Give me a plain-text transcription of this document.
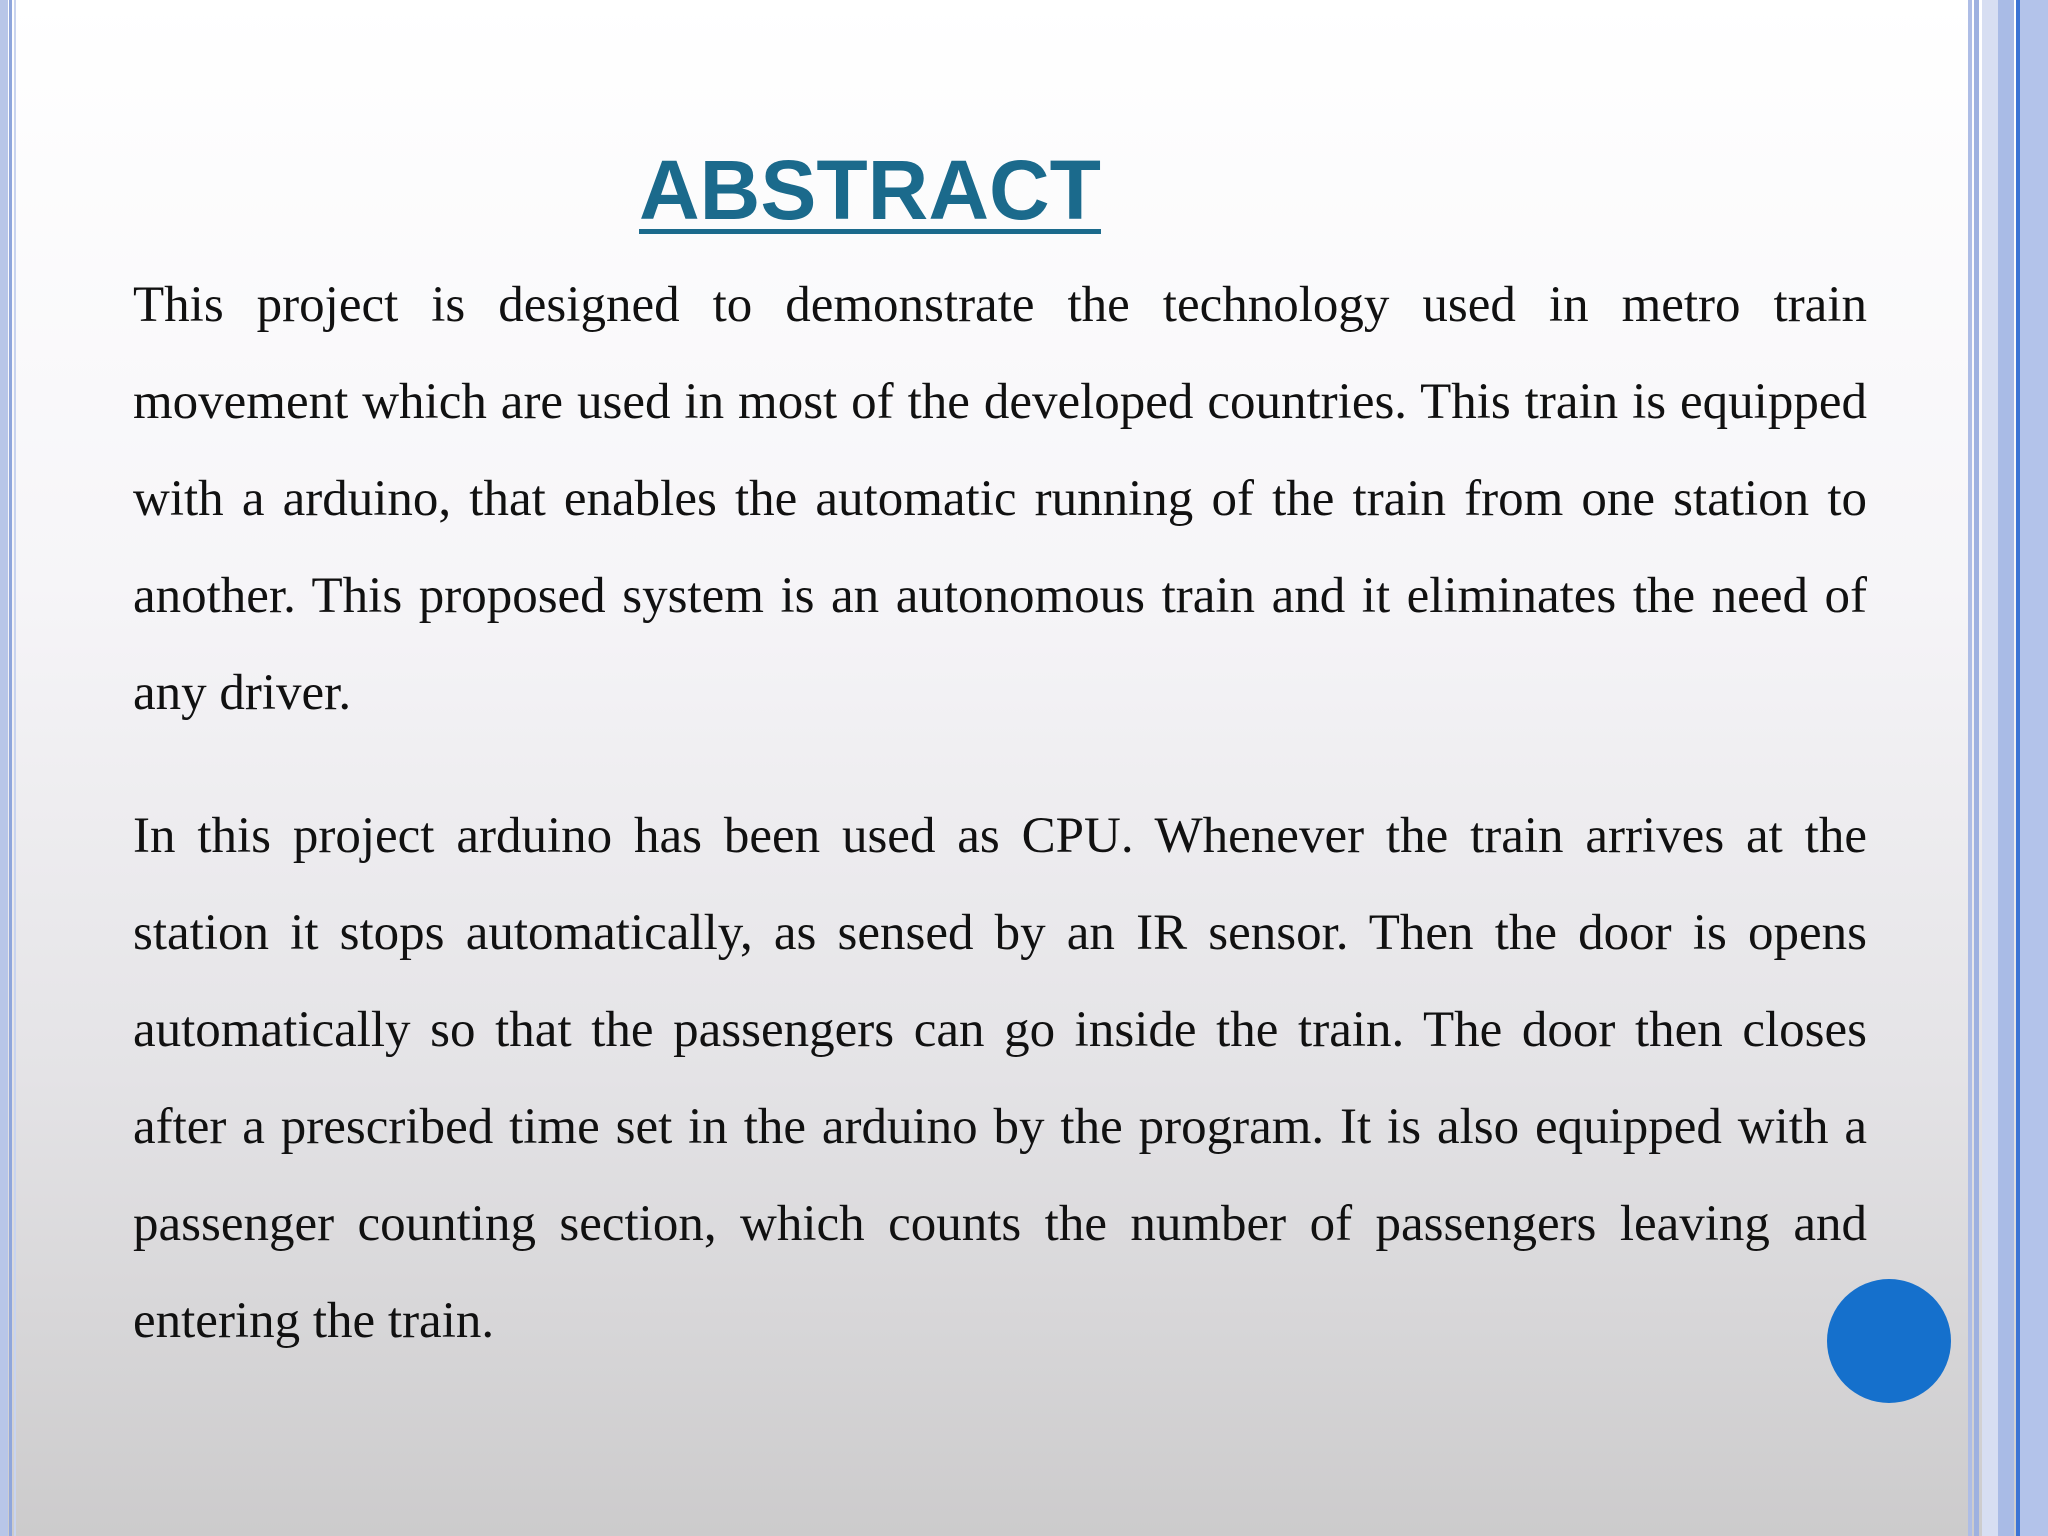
ABSTRACT

This project is designed to demonstrate the technology used in metro train movement which are used in most of the developed countries. This train is equipped with a arduino, that enables the automatic running of the train from one station to another. This proposed system is an autonomous train and it eliminates the need of any driver.

In this project arduino has been used as CPU. Whenever the train arrives at the station it stops automatically, as sensed by an IR sensor. Then the door is opens automatically so that the passengers can go inside the train. The door then closes after a prescribed time set in the arduino by the program. It is also equipped with a passenger counting section, which counts the number of passengers leaving and entering the train.
